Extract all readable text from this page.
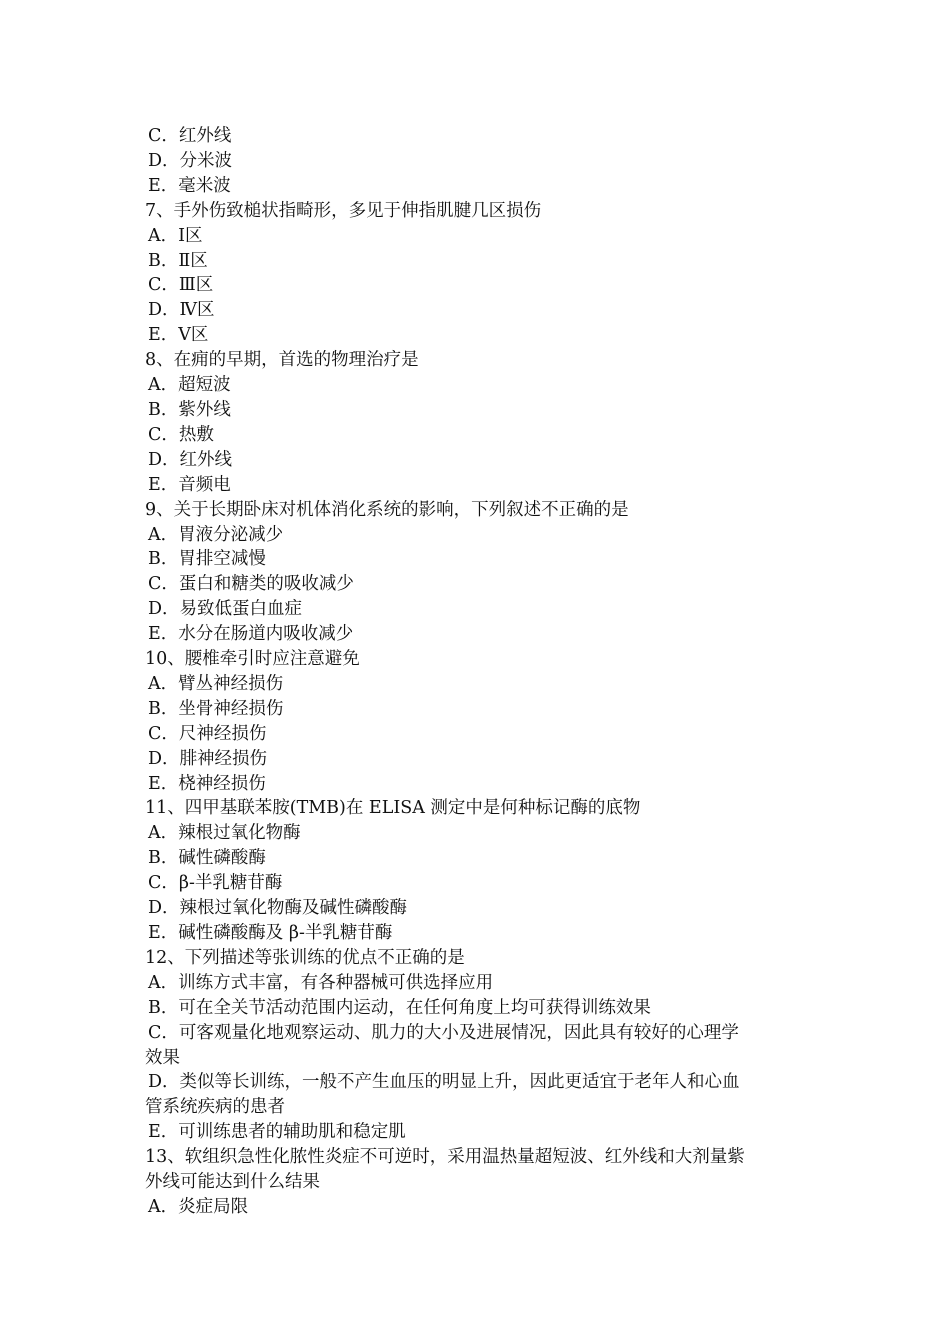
C．红外线

D．分米波

E．毫米波

7、手外伤致槌状指畸形，多见于伸指肌腱几区损伤

A．Ⅰ区

B．Ⅱ区

C．Ⅲ区

D．Ⅳ区

E．Ⅴ区

8、在痈的早期，首选的物理治疗是

A．超短波

B．紫外线

C．热敷

D．红外线

E．音频电

9、关于长期卧床对机体消化系统的影响，下列叙述不正确的是

A．胃液分泌减少

B．胃排空减慢

C．蛋白和糖类的吸收减少

D．易致低蛋白血症

E．水分在肠道内吸收减少

10、腰椎牵引时应注意避免

A．臂丛神经损伤

B．坐骨神经损伤

C．尺神经损伤

D．腓神经损伤

E．桡神经损伤

11、四甲基联苯胺(TMB)在 ELISA 测定中是何种标记酶的底物

A．辣根过氧化物酶

B．碱性磷酸酶

C．β-半乳糖苷酶

D．辣根过氧化物酶及碱性磷酸酶

E．碱性磷酸酶及 β-半乳糖苷酶

12、下列描述等张训练的优点不正确的是

A．训练方式丰富，有各种器械可供选择应用

B．可在全关节活动范围内运动，在任何角度上均可获得训练效果

C．可客观量化地观察运动、肌力的大小及进展情况，因此具有较好的心理学

效果

D．类似等长训练，一般不产生血压的明显上升，因此更适宜于老年人和心血

管系统疾病的患者

E．可训练患者的辅助肌和稳定肌

13、软组织急性化脓性炎症不可逆时，采用温热量超短波、红外线和大剂量紫

外线可能达到什么结果

A．炎症局限
